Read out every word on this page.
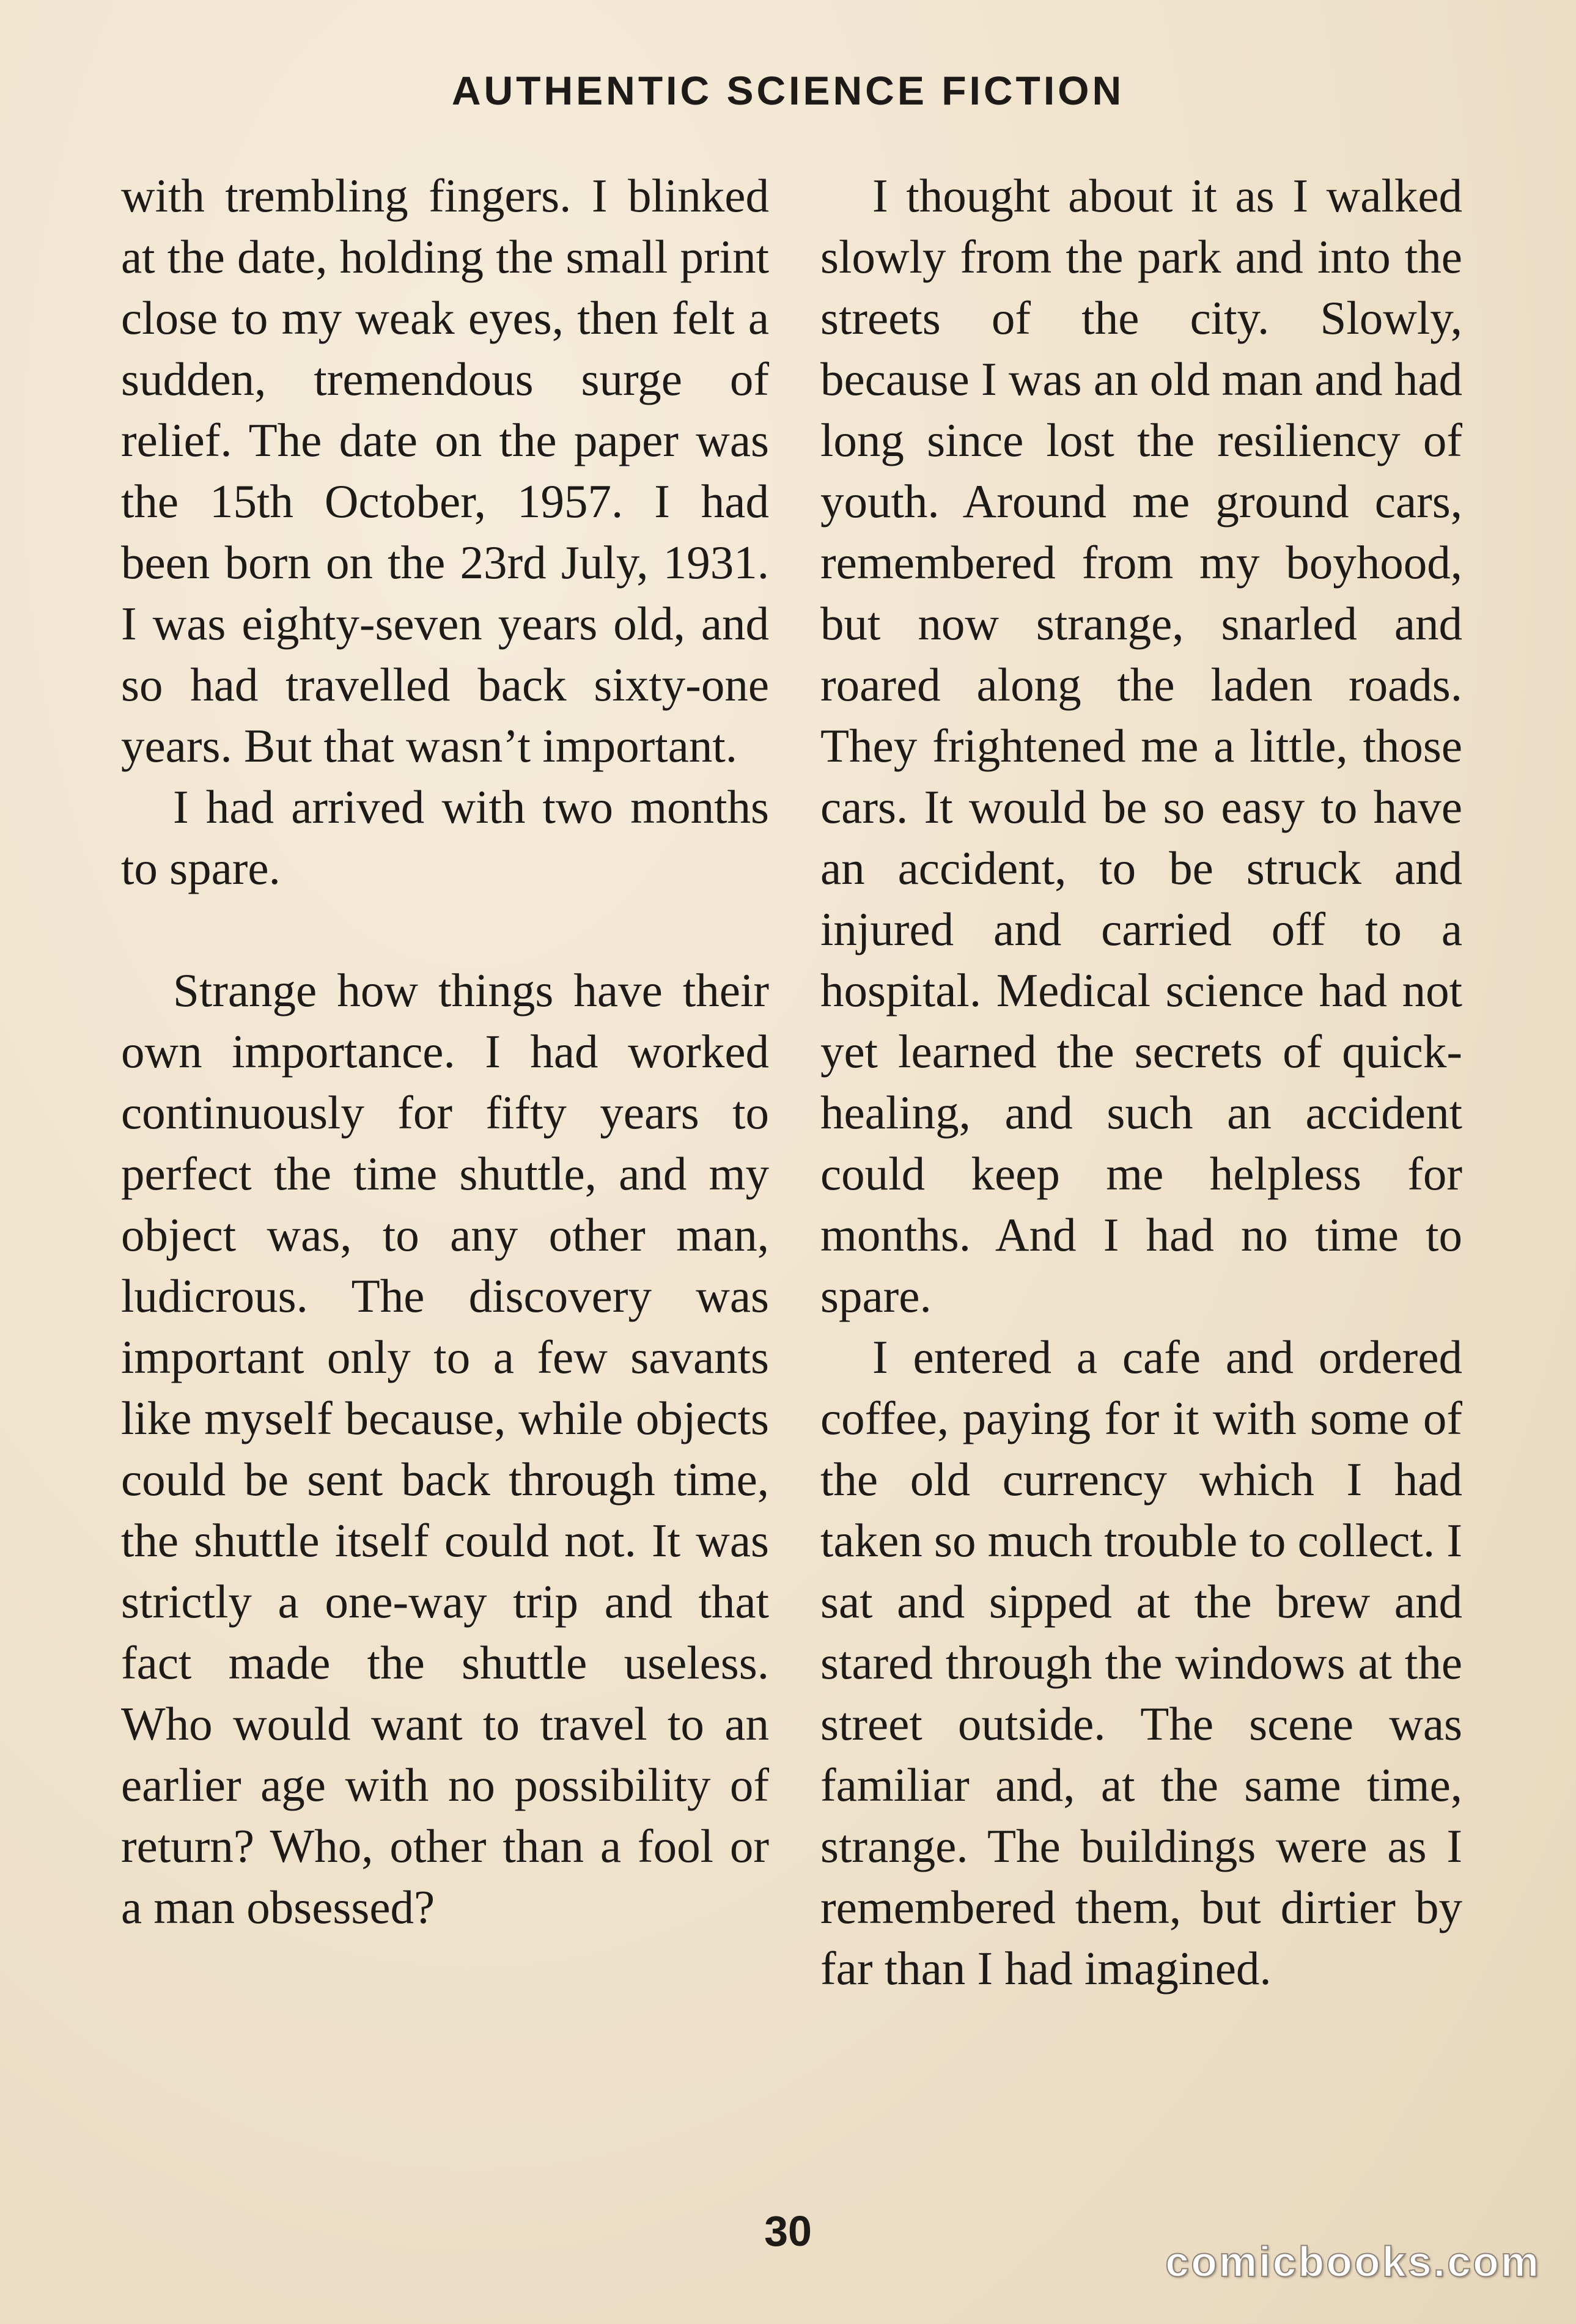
AUTHENTIC SCIENCE FICTION

with trembling fingers. I blinked at the date, holding the small print close to my weak eyes, then felt a sudden, tremendous surge of relief. The date on the paper was the 15th October, 1957. I had been born on the 23rd July, 1931. I was eighty-seven years old, and so had travelled back sixty-one years. But that wasn’t important.

I had arrived with two months to spare.

Strange how things have their own importance. I had worked continuously for fifty years to perfect the time shuttle, and my object was, to any other man, ludicrous. The discovery was important only to a few savants like myself because, while objects could be sent back through time, the shuttle itself could not. It was strictly a one-way trip and that fact made the shuttle useless. Who would want to travel to an earlier age with no possibility of return? Who, other than a fool or a man obsessed?

I thought about it as I walked slowly from the park and into the streets of the city. Slowly, because I was an old man and had long since lost the resiliency of youth. Around me ground cars, remembered from my boyhood, but now strange, snarled and roared along the laden roads. They frightened me a little, those cars. It would be so easy to have an accident, to be struck and injured and carried off to a hospital. Medical science had not yet learned the secrets of quick-healing, and such an accident could keep me helpless for months. And I had no time to spare.

I entered a cafe and ordered coffee, paying for it with some of the old currency which I had taken so much trouble to collect. I sat and sipped at the brew and stared through the windows at the street outside. The scene was familiar and, at the same time, strange. The buildings were as I remembered them, but dirtier by far than I had imagined.

30
comicbooks.com
